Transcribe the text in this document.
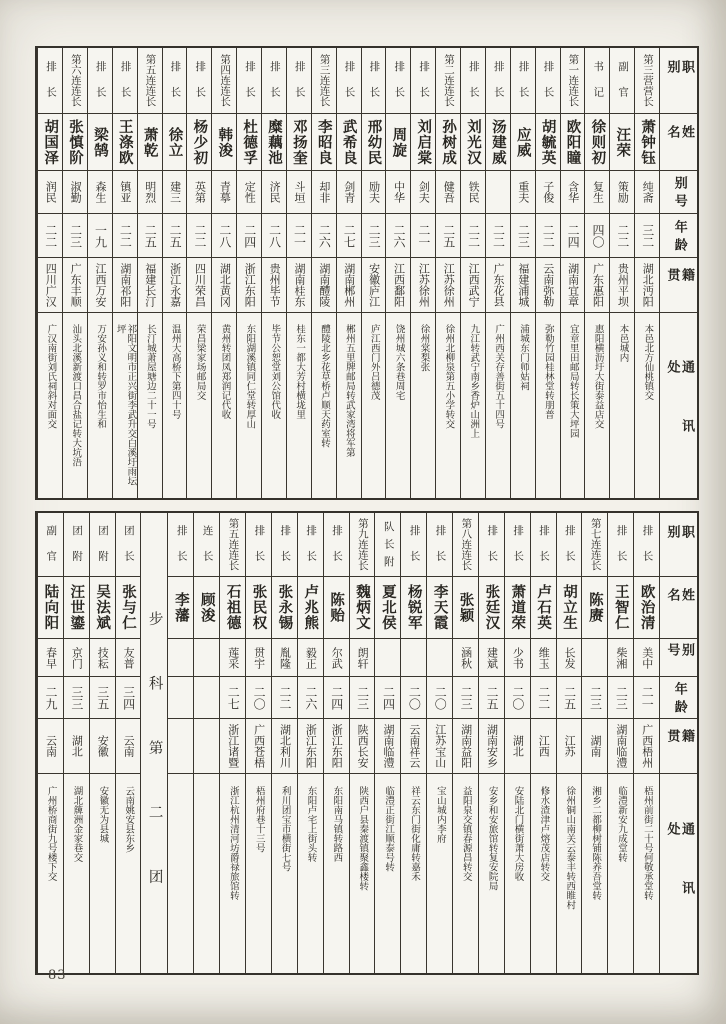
职别
姓名
别号
年龄
籍贯
通讯处
第三营营长
萧钟钰
纯斋
三二
湖北沔阳
本邑北方仙桃镇交
副官
汪荣
策励
二二
贵州平坝
本邑城内
书记
徐则初
复生
四〇
广东惠阳
惠阳横沥圩大街泰益店交
第一连连长
欧阳瞳
含华
二四
湖南宜章
宜章里田邮局转长策大坪园
排长
胡毓英
子俊
二二
云南弥勒
弥勒竹园桂林堂转朋普
排长
应威
重夫
二三
福建浦城
浦城东门师姑祠
排长
汤建威
二二
广东花县
广州西关存善街五十四号
排长
刘光汉
铁民
二二
江西武宁
九江转武宁南乡香炉山洲上
第二连连长
孙树成
健吾
二五
江苏徐州
徐州北柳泉第五小学转交
排长
刘启棠
剑夫
二一
江苏徐州
徐州棠梨张
排长
周旋
中华
二六
江西鄱阳
饶州城六条巷周宅
排长
邢幼民
励夫
二三
安徽庐江
庐江西门外吕德茂
排长
武希良
剑青
二七
湖南郴州
郴州五里牌邮局转武家湾将军第
第三连连长
李昭良
却非
二六
湖南醴陵
醴陵北乡花草桥卢顺天药室转
排长
邓扬奎
斗垣
二一
湖南桂东
桂东一都大芳村横垅里
排长
糜藕池
济民
二八
贵州毕节
毕节公恕堂刘公馆代收
排长
杜德孚
定性
二四
浙江东阳
东阳湖溪镇同仁堂转厚山
第四连连长
韩浚
青摹
二八
湖北黄冈
黄州转团凤郑润记代收
排长
杨少初
英第
二二
四川荣昌
荣昌梁家场邮局交
排长
徐立
建三
二五
浙江永嘉
温州大高桥下第四十号
第五连连长
萧乾
明烈
二五
福建长汀
长汀城萧屋塘边二十一号
排长
王涤欧
镇亚
二二
湖南祁阳
祁阳文明市正兴街李武升交白溪圩雨坛坪
排长
梁鹄
森生
一九
江西万安
万安孙义和转罗市怡生和
第六连连长
张慎阶
淑勤
二三
广东丰顺
汕头北溪新渡口昌合盐记转大坑浯
排长
胡国泽
润民
二二
四川广汉
广汉南街刘氏祠斜对面交
职别
姓名
别号
年龄
籍贯
通讯处
排长
欧治清
美中
二一
广西梧州
梧州前街二十号何敬承堂转
排长
王智仁
柴湘
二三
湖南临澧
临澧新安九成堂转
第七连连长
陈赓
二三
湖南
湘乡二都柳树铺陈养吾堂转
排长
胡立生
长发
二五
江苏
徐州铜山南关云泰丰转西睢村
排长
卢石英
维玉
二二
江西
修水渣津卢熔茂店转交
排长
萧道荣
少书
二〇
湖北
安陆北门横街萧大房收
排长
张廷汉
建斌
二五
湖南安乡
安乡和安旅馆转复安院局
第八连连长
张颖
涵秋
二三
湖南益阳
益阳泉交镇春源昌转交
排长
李天霞
二〇
江苏宝山
宝山城内李府
排长
杨锐军
二〇
云南祥云
祥云东门街化庸转嘉禾
队长附
夏北侯
二四
湖南临澧
临澧正街江顺泰号转
第九连连长
魏炳文
朗轩
二三
陕西长安
陕西户县秦渡镇聚鑫楼转
排长
陈贻
尔武
二四
浙江东阳
东阳南马镇转路西
排长
卢兆熊
毅正
二六
浙江东阳
东阳卢宅上街头转
排长
张永锡
胤隆
二二
湖北利川
利川团宝市横街七号
排长
张民权
贯宇
二〇
广西苍梧
梧州府巷十三号
第五连连长
石祖德
莲采
二七
浙江诸暨
浙江杭州清河坊爵禄旅馆转
连长
顾浚
排长
李藩
步科第二团
团长
张与仁
友普
三四
云南
云南姚安县东乡
团附
吴法斌
技耘
三五
安徽
安徽无为县城
团附
汪世鎏
京门
三三
湖北
湖北簰洲金家巷交
副官
陆向阳
春早
二九
云南
广州桥商街九号楼下交
83
